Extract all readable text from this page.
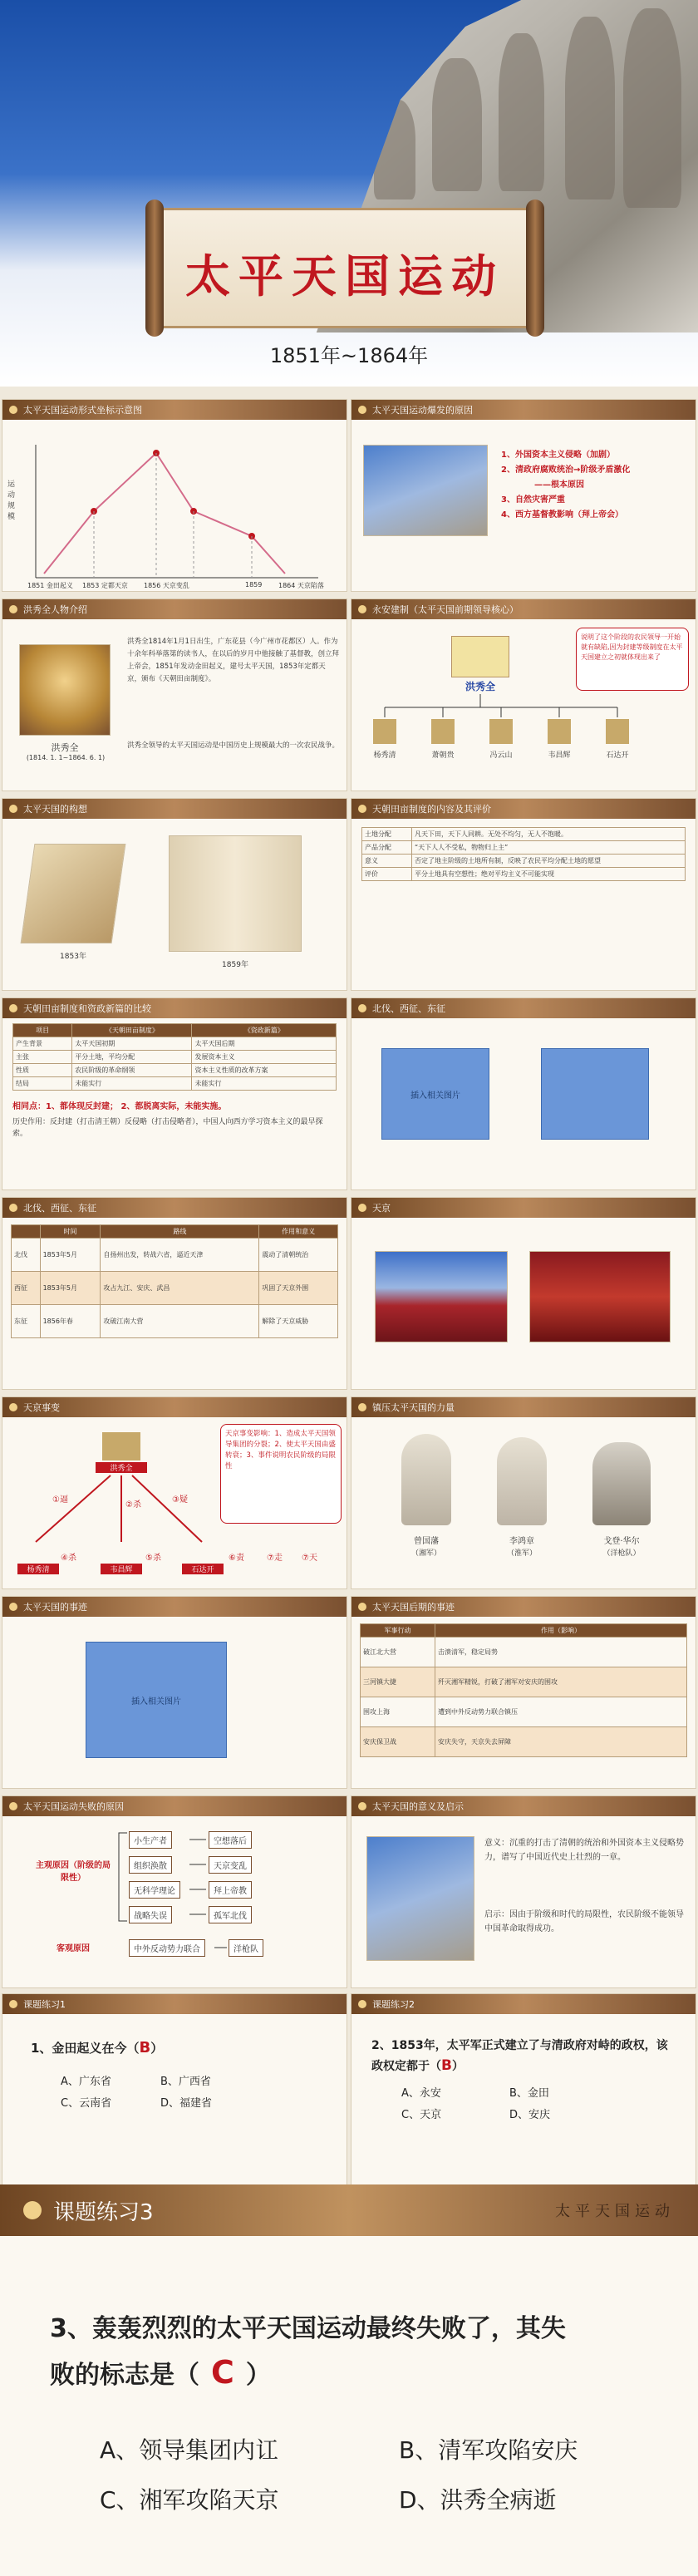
太平天国运动
1851年~1864年
太平天国运动形式坐标示意图
运动规模
1851 金田起义 1853 定都天京 1856 天京变乱	1859 1864 天京陷落
太平天国运动爆发的原因
1、外国资本主义侵略（加剧）
2、清政府腐败统治→阶级矛盾激化
——根本原因
3、自然灾害严重
4、西方基督教影响（拜上帝会）
洪秀全人物介绍
洪秀全
(1814. 1. 1~1864. 6. 1)
洪秀全1814年1月1日出生，广东花县（今广州市花都区）人。作为十余年科举落第的读书人，在以后的岁月中他接触了基督教，创立拜上帝会，1851年发动金田起义，建号太平天国，1853年定都天京，颁布《天朝田亩制度》。
洪秀全领导的太平天国运动是中国历史上规模最大的一次农民战争。
永安建制（太平天国前期领导核心）
洪秀全
说明了这个阶段的农民领导一开始就有缺陷,因为封建等级制度在太平天国建立之初就体现出来了
杨秀清	萧朝贵	冯云山	韦昌辉	石达开
太平天国的构想
1853年
1859年
天朝田亩制度的内容及其评价
土地分配	凡天下田，天下人同耕。无处不均匀，无人不饱暖。
产品分配	“天下人人不受私，物物归上主”
意义	否定了地主阶级的土地所有制，反映了农民平均分配土地的愿望
评价	平分土地具有空想性；绝对平均主义不可能实现
天朝田亩制度和资政新篇的比较
项目	《天朝田亩制度》	《资政新篇》
产生背景	太平天国初期	太平天国后期
主张	平分土地，平均分配	发展资本主义
性质	农民阶级的革命纲领	资本主义性质的改革方案
结局	未能实行	未能实行
相同点：1、都体现反封建； 2、都脱离实际，未能实施。
历史作用：反封建（打击清王朝）反侵略（打击侵略者），中国人向西方学习资本主义的最早探索。
北伐、西征、东征
插入相关图片
北伐、西征、东征
	时间	路线	作用和意义
北伐	1853年5月	自扬州出发，转战六省，逼近天津	震动了清朝统治
西征	1853年5月	攻占九江、安庆、武昌	巩固了天京外围
东征	1856年春	攻破江南大营	解除了天京威胁
天京
天京事变
洪秀全
①逼
②杀
③疑
杨秀清	韦昌辉	石达开
④杀	⑤杀	⑥责	⑦走 ⑦天
天京事变影响：1、造成太平天国领导集团的分裂；2、使太平天国由盛转衰；3、事件说明农民阶级的局限性
镇压太平天国的力量
曾国藩
（湘军）
李鸿章
（淮军）
戈登·华尔
（洋枪队）
太平天国的事迹
插入相关图片
太平天国后期的事迹
军事行动	作用（影响）
破江北大营	击溃清军，稳定局势
三河镇大捷	歼灭湘军精锐，打破了湘军对安庆的围攻
围攻上海	遭到中外反动势力联合镇压
安庆保卫战	安庆失守，天京失去屏障
太平天国运动失败的原因
主观原因（阶级的局限性）
客观原因
小生产者	空想落后
组织涣散	天京变乱
无科学理论	拜上帝教
战略失误	孤军北伐
中外反动势力联合	洋枪队
太平天国的意义及启示
意义：沉重的打击了清朝的统治和外国资本主义侵略势力，谱写了中国近代史上壮烈的一章。
启示：因由于阶级和时代的局限性，农民阶级不能领导中国革命取得成功。
课题练习1
1、金田起义在今（B）
A、广东省	B、广西省
C、云南省	D、福建省
课题练习2
2、1853年，太平军正式建立了与清政府对峙的政权，该政权定都于（B）
A、永安	B、金田
C、天京	D、安庆
课题练习3	太平天国运动
3、轰轰烈烈的太平天国运动最终失败了，其失
败的标志是（ C ）
A、领导集团内讧	B、清军攻陷安庆
C、湘军攻陷天京	D、洪秀全病逝
